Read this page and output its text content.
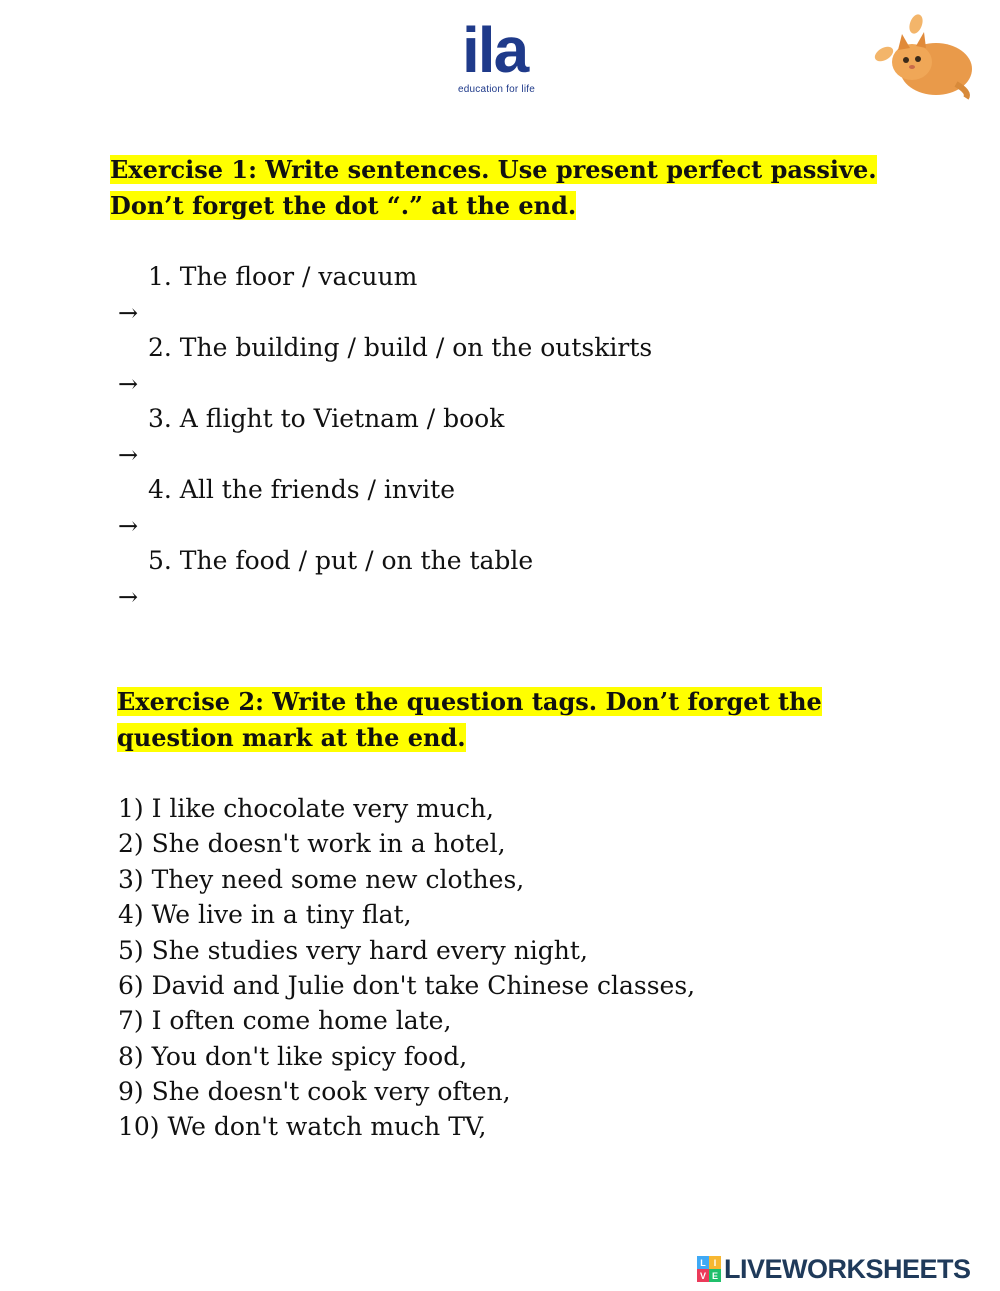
ila
education for life
Exercise 1: Write sentences. Use present perfect passive.
Don’t forget the dot “.” at the end.
1. The floor / vacuum
→
2. The building / build / on the outskirts
→
3. A flight to Vietnam / book
→
4. All the friends / invite
→
5. The food / put / on the table
→
Exercise 2: Write the question tags. Don’t forget the
question mark at the end.
1) I like chocolate very much,
2) She doesn't work in a hotel,
3) They need some new clothes,
4) We live in a tiny flat,
5) She studies very hard every night,
6) David and Julie don't take Chinese classes,
7) I often come home late,
8) You don't like spicy food,
9) She doesn't cook very often,
10) We don't watch much TV,
L I
V E LIVEWORKSHEETS
